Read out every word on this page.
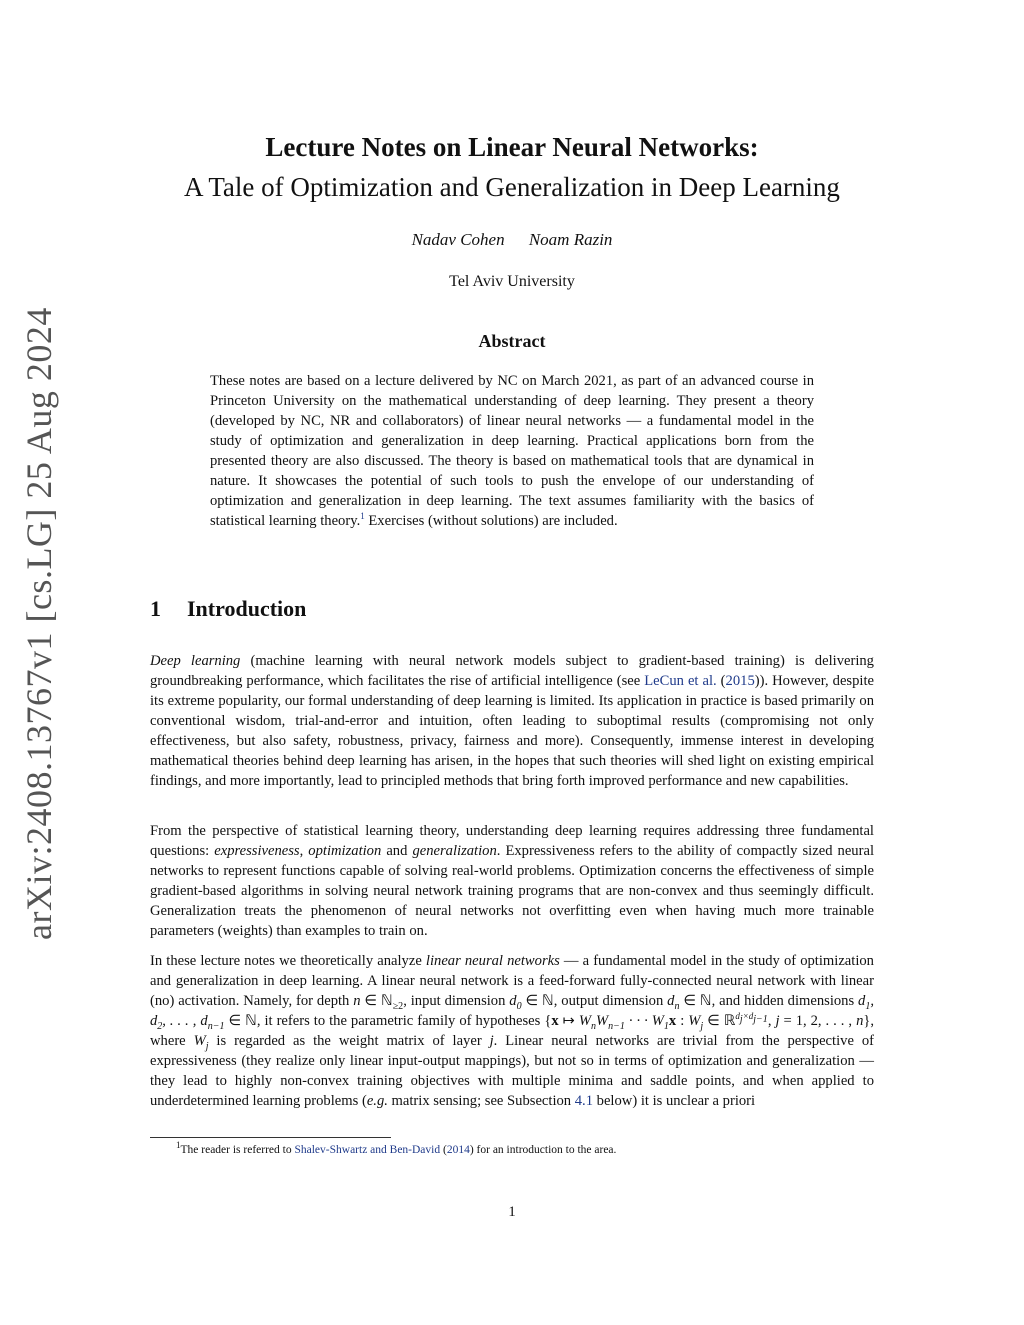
arXiv:2408.13767v1 [cs.LG] 25 Aug 2024
Lecture Notes on Linear Neural Networks:
A Tale of Optimization and Generalization in Deep Learning
Nadav Cohen Noam Razin
Tel Aviv University
Abstract
These notes are based on a lecture delivered by NC on March 2021, as part of an advanced course in Princeton University on the mathematical understanding of deep learning. They present a theory (developed by NC, NR and collaborators) of linear neural networks — a fundamental model in the study of optimization and generalization in deep learning. Practical applications born from the presented theory are also discussed. The theory is based on mathematical tools that are dynamical in nature. It showcases the potential of such tools to push the envelope of our understanding of optimization and generalization in deep learning. The text assumes familiarity with the basics of statistical learning theory.$^1$ Exercises (without solutions) are included.
1 Introduction
Deep learning (machine learning with neural network models subject to gradient-based training) is delivering groundbreaking performance, which facilitates the rise of artificial intelligence (see LeCun et al. (2015)). However, despite its extreme popularity, our formal understanding of deep learning is limited. Its application in practice is based primarily on conventional wisdom, trial-and-error and intuition, often leading to suboptimal results (compromising not only effectiveness, but also safety, robustness, privacy, fairness and more). Consequently, immense interest in developing mathematical theories behind deep learning has arisen, in the hopes that such theories will shed light on existing empirical findings, and more importantly, lead to principled methods that bring forth improved performance and new capabilities.
From the perspective of statistical learning theory, understanding deep learning requires addressing three fundamental questions: expressiveness, optimization and generalization. Expressiveness refers to the ability of compactly sized neural networks to represent functions capable of solving real-world problems. Optimization concerns the effectiveness of simple gradient-based algorithms in solving neural network training programs that are non-convex and thus seemingly difficult. Generalization treats the phenomenon of neural networks not overfitting even when having much more trainable parameters (weights) than examples to train on.
In these lecture notes we theoretically analyze linear neural networks — a fundamental model in the study of optimization and generalization in deep learning. A linear neural network is a feed-forward fully-connected neural network with linear (no) activation. Namely, for depth n ∈ ℕ$_{\ge 2}$, input dimension $d_0$ ∈ ℕ, output dimension $d_n$ ∈ ℕ, and hidden dimensions $d_1$, $d_2$, . . . , $d_{n-1}$ ∈ ℕ, it refers to the parametric family of hypotheses {x ↦ $W_nW_{n-1}$ · · · $W_1x$ : $W_j$ ∈ ℝ$^{d_j\times d_{j-1}}$, j = 1, 2, . . . , n}, where $W_j$ is regarded as the weight matrix of layer j. Linear neural networks are trivial from the perspective of expressiveness (they realize only linear input-output mappings), but not so in terms of optimization and generalization — they lead to highly non-convex training objectives with multiple minima and saddle points, and when applied to underdetermined learning problems (e.g. matrix sensing; see Subsection 4.1 below) it is unclear a priori
$^1$The reader is referred to Shalev-Shwartz and Ben-David (2014) for an introduction to the area.
1
